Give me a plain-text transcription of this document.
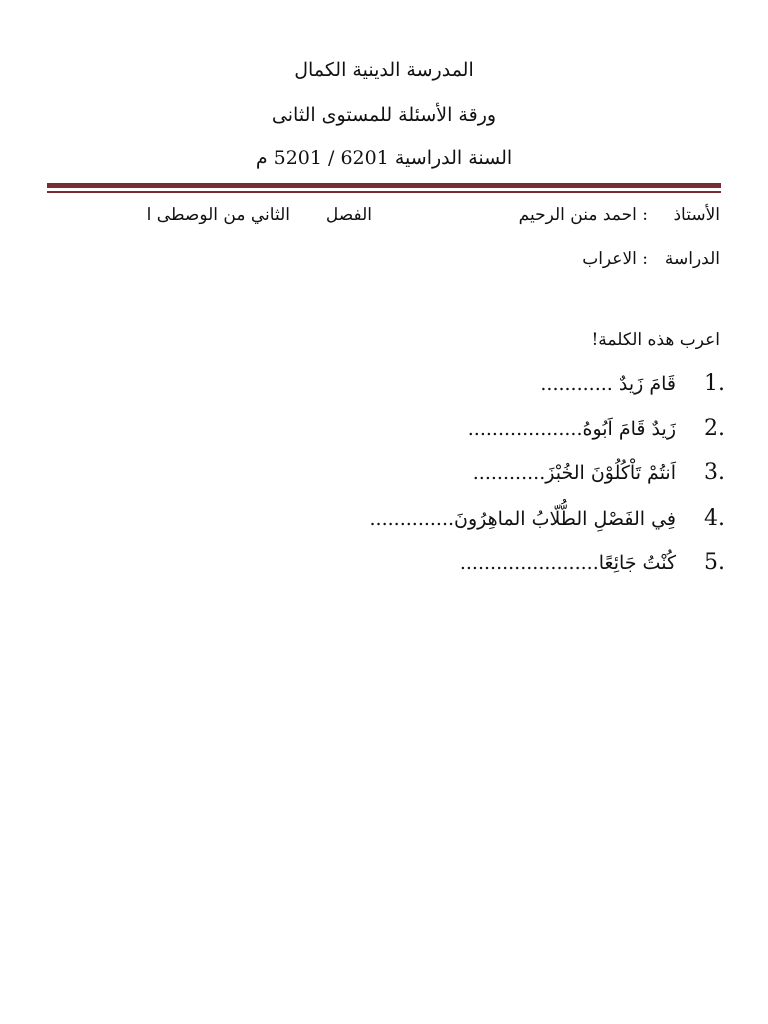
المدرسة الدينية الكمال
ورقة الأسئلة للمستوى الثانى
السنة الدراسية 6201 / 5201 م
الأستاذ
: احمد منن الرحيم
الفصل
الثاني من الوصطى ا
الدراسة
: الاعراب
اعرب هذه الكلمة!
1.
قَامَ زَيدٌ ............
2.
زَيدٌ قَامَ اَبُوهُ...................
3.
اَنتُمْ تَاْكُلُوْنَ الخُبْزَ............
4.
فِي الفَصْلِ الطُّلّابُ الماهِرُونَ..............
5.
كُنْتُ جَائِعًا.......................
